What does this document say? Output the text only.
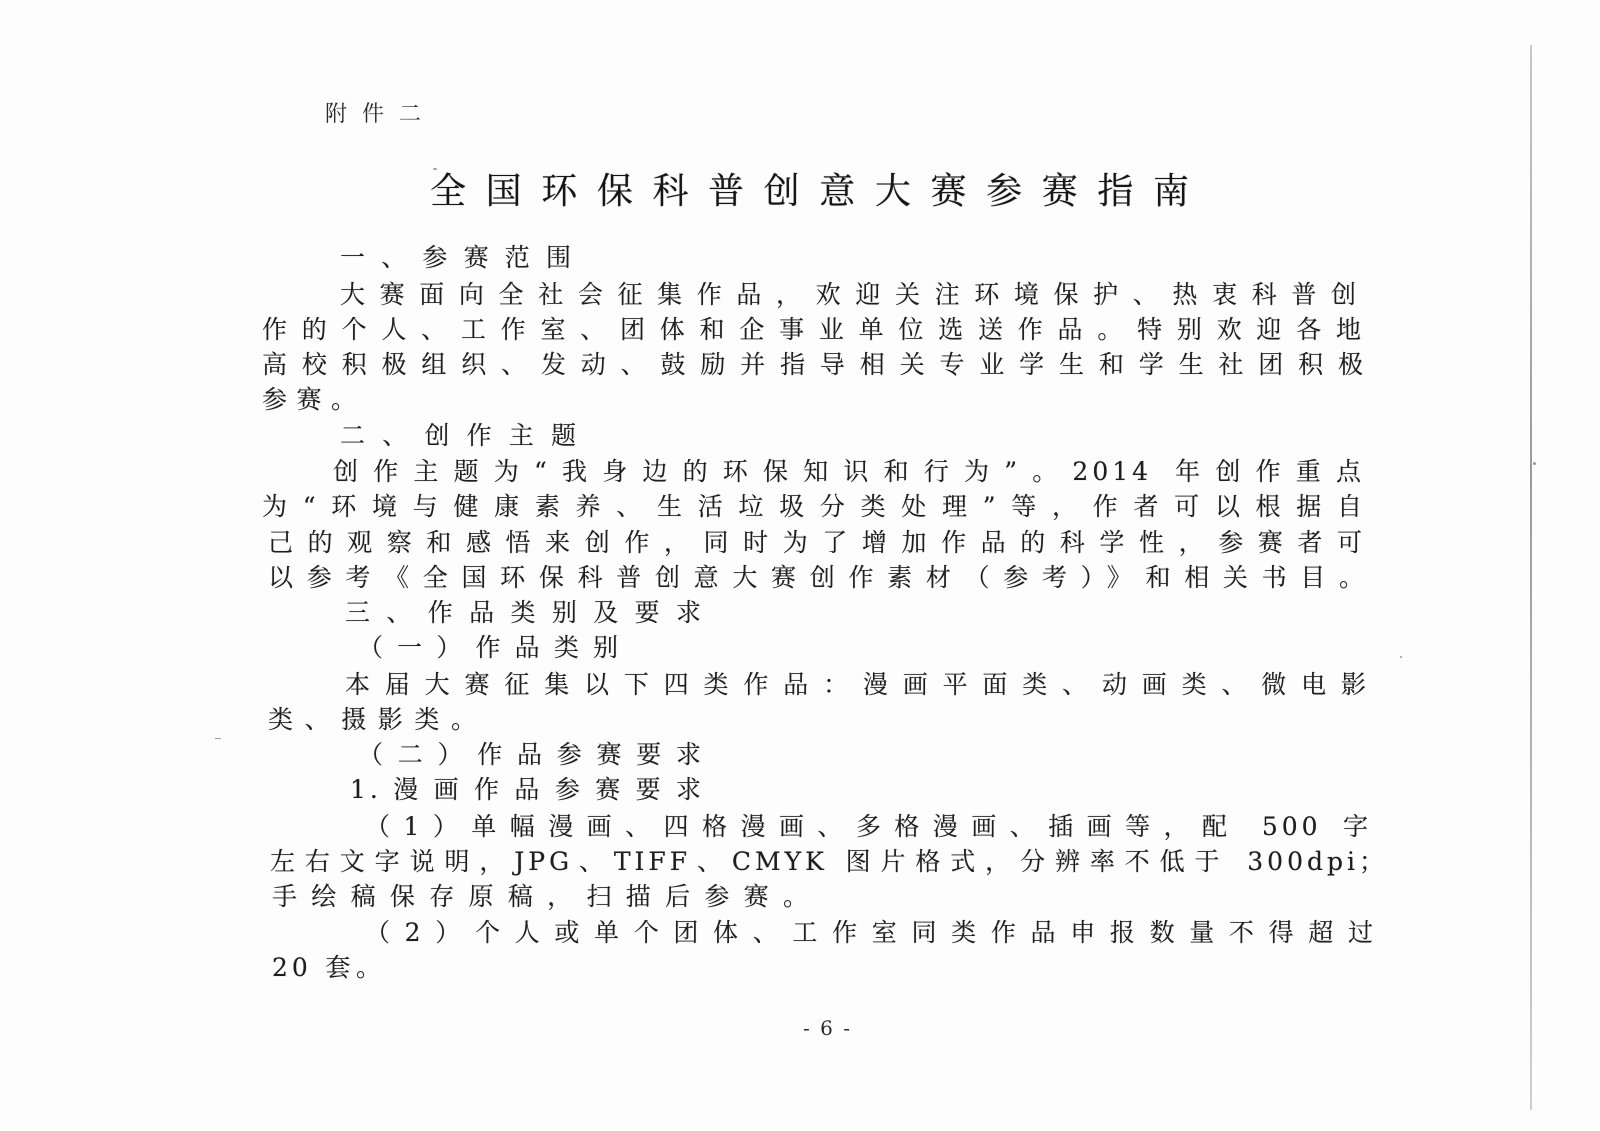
附件二
全国环保科普创意大赛参赛指南
一、参赛范围
大赛面向全社会征集作品，欢迎关注环境保护、热衷科普创
作的个人、工作室、团体和企事业单位选送作品。特别欢迎各地
高校积极组织、发动、鼓励并指导相关专业学生和学生社团积极
参赛。
二、创作主题
创作主题为“我身边的环保知识和行为”。2014 年创作重点
为“环境与健康素养、生活垃圾分类处理”等，作者可以根据自
己的观察和感悟来创作，同时为了增加作品的科学性，参赛者可
以参考《全国环保科普创意大赛创作素材（参考）》和相关书目。
三、作品类别及要求
（一）作品类别
本届大赛征集以下四类作品：漫画平面类、动画类、微电影
类、摄影类。
（二）作品参赛要求
1.漫画作品参赛要求
（1）单幅漫画、四格漫画、多格漫画、插画等，配 500 字
左右文字说明，JPG、TIFF、CMYK 图片格式，分辨率不低于 300dpi；
手绘稿保存原稿，扫描后参赛。
（2）个人或单个团体、工作室同类作品申报数量不得超过
20 套。
- 6 -
